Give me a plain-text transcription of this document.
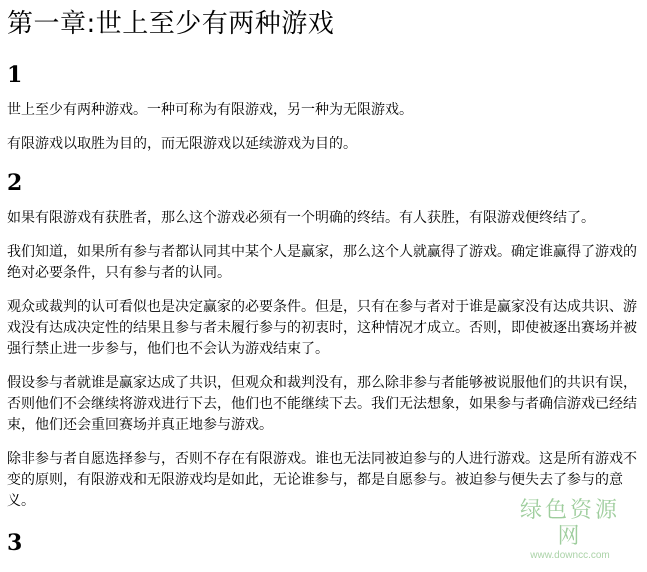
第一章:世上至少有两种游戏
1

世上至少有两种游戏。一种可称为有限游戏，另一种为无限游戏。

有限游戏以取胜为目的，而无限游戏以延续游戏为目的。

2

如果有限游戏有获胜者，那么这个游戏必须有一个明确的终结。有人获胜，有限游戏便终结了。

我们知道，如果所有参与者都认同其中某个人是赢家，那么这个人就赢得了游戏。确定谁赢得了游戏的绝对必要条件，只有参与者的认同。

观众或裁判的认可看似也是决定赢家的必要条件。但是，只有在参与者对于谁是赢家没有达成共识、游戏没有达成决定性的结果且参与者未履行参与的初衷时，这种情况才成立。否则，即使被逐出赛场并被强行禁止进一步参与，他们也不会认为游戏结束了。

假设参与者就谁是赢家达成了共识，但观众和裁判没有，那么除非参与者能够被说服他们的共识有误，否则他们不会继续将游戏进行下去，他们也不能继续下去。我们无法想象，如果参与者确信游戏已经结束，他们还会重回赛场并真正地参与游戏。

除非参与者自愿选择参与，否则不存在有限游戏。谁也无法同被迫参与的人进行游戏。这是所有游戏不变的原则，有限游戏和无限游戏均是如此，无论谁参与，都是自愿参与。被迫参与便失去了参与的意义。

3
绿色资源网
www.downcc.com
